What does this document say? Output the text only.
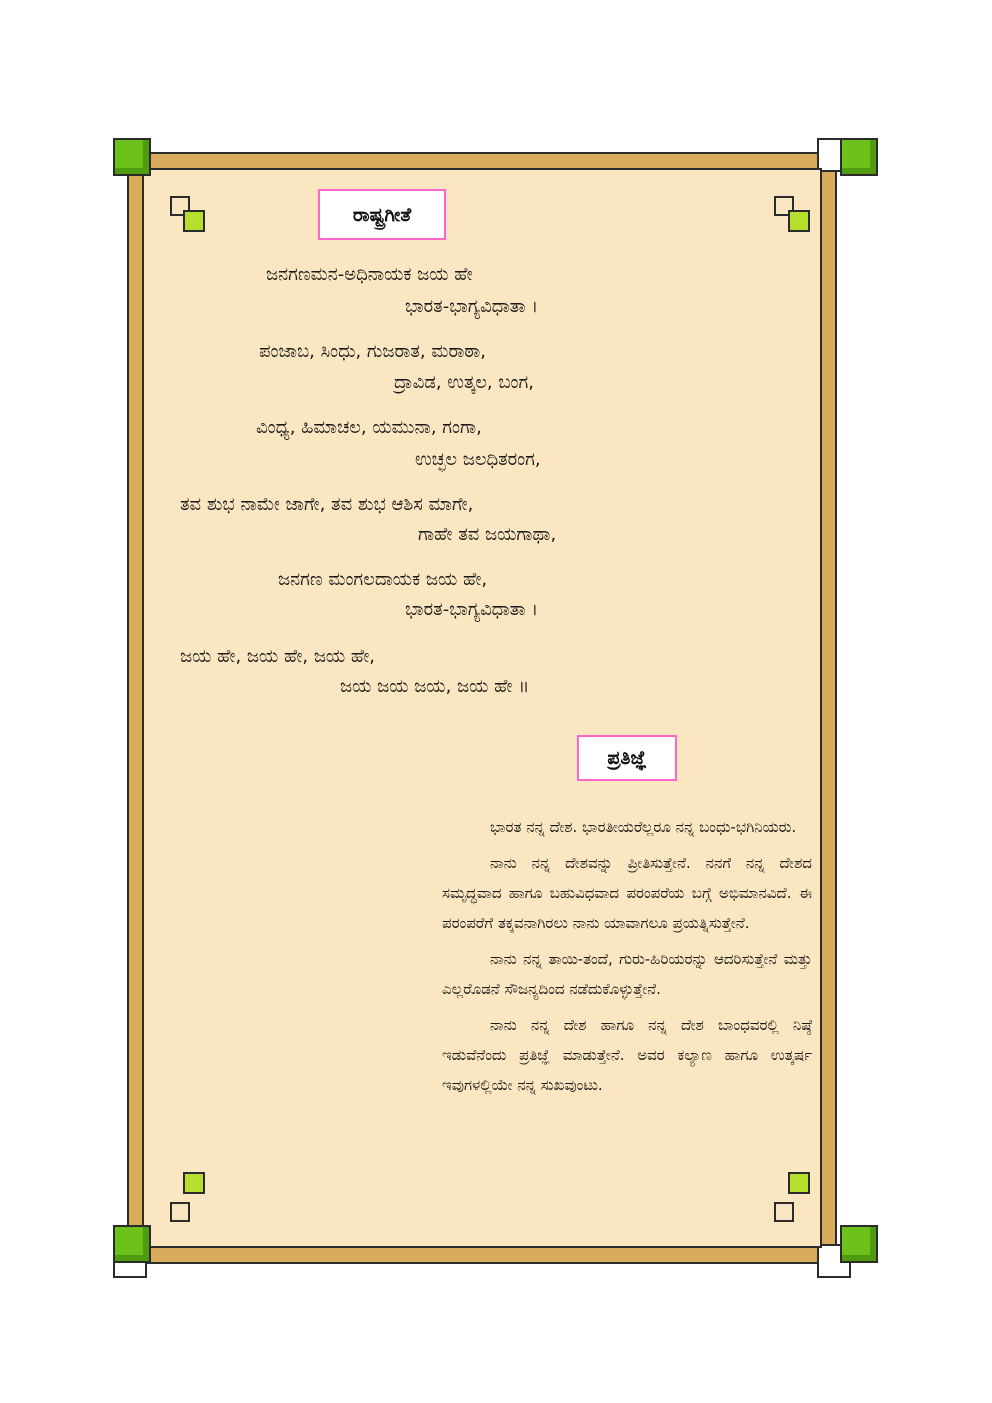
ರಾಷ್ಟ್ರಗೀತೆ
ಜನಗಣಮನ-ಅಧಿನಾಯಕ ಜಯ ಹೇ
ಭಾರತ-ಭಾಗ್ಯವಿಧಾತಾ ।
ಪಂಜಾಬ, ಸಿಂಧು, ಗುಜರಾತ, ಮರಾಠಾ,
ದ್ರಾವಿಡ, ಉತ್ಕಲ, ಬಂಗ,
ವಿಂಧ್ಯ, ಹಿಮಾಚಲ, ಯಮುನಾ, ಗಂಗಾ,
ಉಚ್ಛಲ ಜಲಧಿತರಂಗ,
ತವ ಶುಭ ನಾಮೇ ಜಾಗೇ, ತವ ಶುಭ ಆಶಿಸ ಮಾಗೇ,
ಗಾಹೇ ತವ ಜಯಗಾಥಾ,
ಜನಗಣ ಮಂಗಲದಾಯಕ ಜಯ ಹೇ,
ಭಾರತ-ಭಾಗ್ಯವಿಧಾತಾ ।
ಜಯ ಹೇ, ಜಯ ಹೇ, ಜಯ ಹೇ,
ಜಯ ಜಯ ಜಯ, ಜಯ ಹೇ ॥
ಪ್ರತಿಜ್ಞೆ

ಭಾರತ ನನ್ನ ದೇಶ. ಭಾರತೀಯರೆಲ್ಲರೂ ನನ್ನ ಬಂಧು-ಭಗಿನಿಯರು.

ನಾನು ನನ್ನ ದೇಶವನ್ನು ಪ್ರೀತಿಸುತ್ತೇನೆ. ನನಗೆ ನನ್ನ ದೇಶದ ಸಮೃದ್ಧವಾದ ಹಾಗೂ ಬಹುವಿಧವಾದ ಪರಂಪರೆಯ ಬಗ್ಗೆ ಅಭಿಮಾನವಿದೆ. ಈ ಪರಂಪರೆಗೆ ತಕ್ಕವನಾಗಿರಲು ನಾನು ಯಾವಾಗಲೂ ಪ್ರಯತ್ನಿಸುತ್ತೇನೆ.

ನಾನು ನನ್ನ ತಾಯಿ-ತಂದೆ, ಗುರು-ಹಿರಿಯರನ್ನು ಆದರಿಸುತ್ತೇನೆ ಮತ್ತು ಎಲ್ಲರೊಡನೆ ಸೌಜನ್ಯದಿಂದ ನಡೆದುಕೊಳ್ಳುತ್ತೇನೆ.

ನಾನು ನನ್ನ ದೇಶ ಹಾಗೂ ನನ್ನ ದೇಶ ಬಾಂಧವರಲ್ಲಿ ನಿಷ್ಠೆ ಇಡುವೆನೆಂದು ಪ್ರತಿಜ್ಞೆ ಮಾಡುತ್ತೇನೆ. ಅವರ ಕಲ್ಯಾಣ ಹಾಗೂ ಉತ್ಕರ್ಷ ಇವುಗಳಲ್ಲಿಯೇ ನನ್ನ ಸುಖವುಂಟು.
